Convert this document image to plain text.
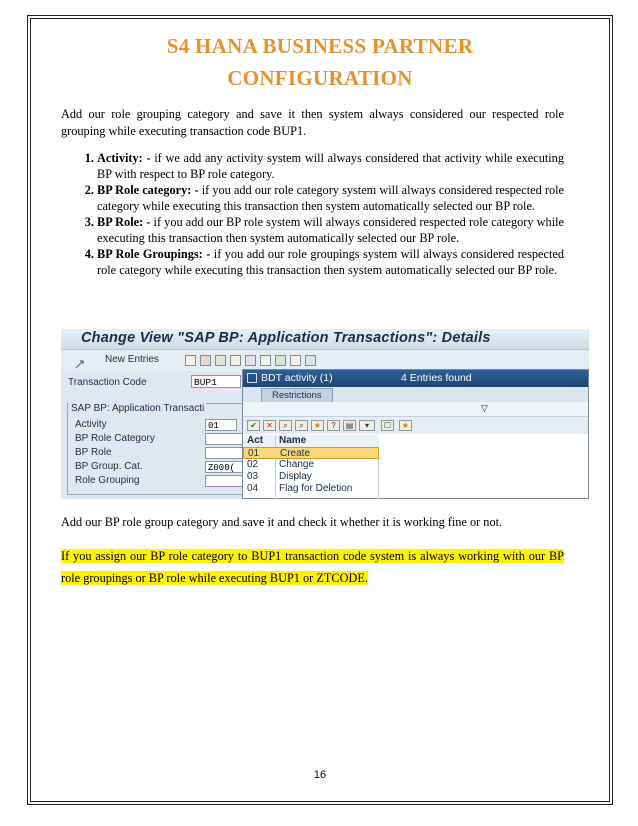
S4 HANA BUSINESS PARTNER
CONFIGURATION
Add our role grouping category and save it then system always considered our respected role grouping while executing transaction code BUP1.
1. Activity: - if we add any activity system will always considered that activity while executing BP with respect to BP role category.
2. BP Role category: - if you add our role category system will always considered respected role category while executing this transaction then system automatically selected our BP role.
3. BP Role: - if you add our BP role system will always considered respected role category while executing this transaction then system automatically selected our BP role.
4. BP Role Groupings: - if you add our role groupings system will always considered respected role category while executing this transaction then system automatically selected our BP role.
Change View "SAP BP: Application Transactions": Details
New Entries
Transaction Code	BUP1
SAP BP: Application Transacti
Activity	01
BP Role Category
BP Role
BP Group. Cat.	Z000(
Role Grouping
BDT activity (1)	4 Entries found
Restrictions
▽
✔	✕	⌕	⌕	★	?	▤	▾	☐	★
Act Name
01 Create
02 Change
03 Display
04 Flag for Deletion
Add our BP role group category and save it and check it whether it is working fine or not.
If you assign our BP role category to BUP1 transaction code system is always working with our BP role groupings or BP role while executing BUP1 or ZTCODE.
16
